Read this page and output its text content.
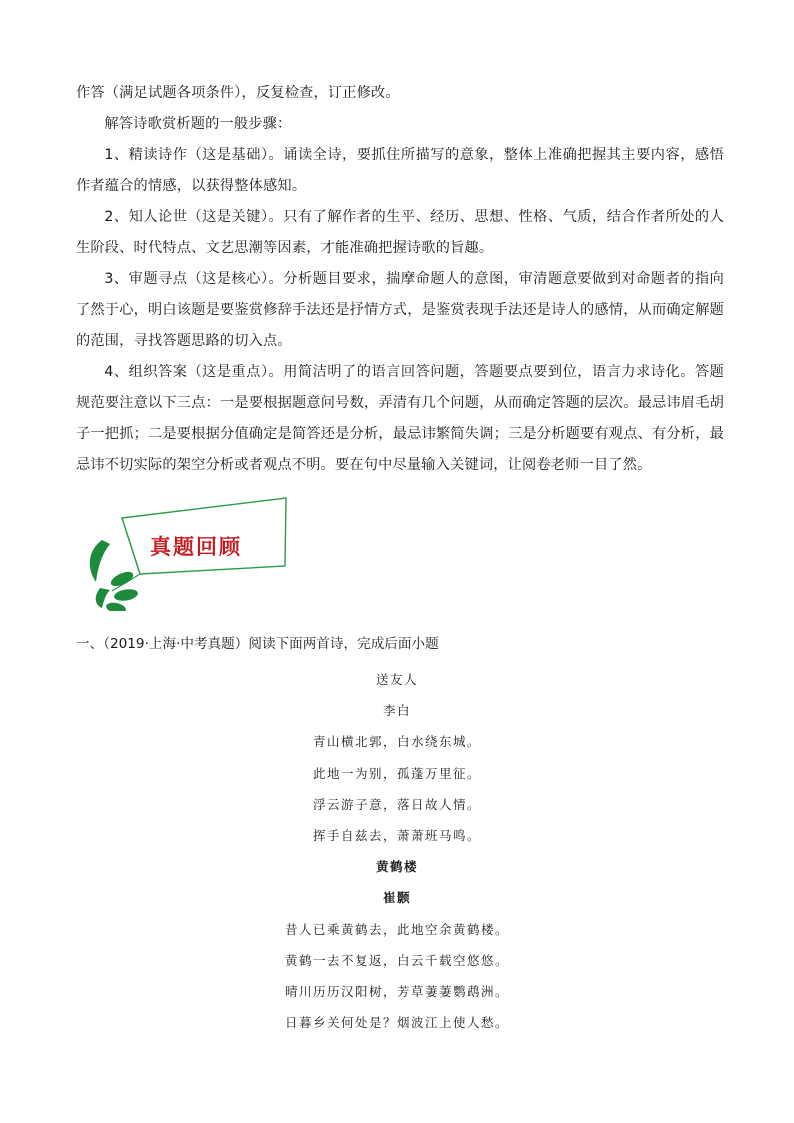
作答（满足试题各项条件），反复检查，订正修改。

解答诗歌赏析题的一般步骤：

1、精读诗作（这是基础）。诵读全诗，要抓住所描写的意象，整体上准确把握其主要内容，感悟作者蕴合的情感，以获得整体感知。

2、知人论世（这是关键）。只有了解作者的生平、经历、思想、性格、气质，结合作者所处的人生阶段、时代特点、文艺思潮等因素，才能准确把握诗歌的旨趣。

3、审题寻点（这是核心）。分析题目要求，揣摩命题人的意图，审清题意要做到对命题者的指向了然于心，明白该题是要鉴赏修辞手法还是抒情方式，是鉴赏表现手法还是诗人的感情，从而确定解题的范围，寻找答题思路的切入点。

4、组织答案（这是重点）。用简洁明了的语言回答问题，答题要点要到位，语言力求诗化。答题规范要注意以下三点：一是要根据题意问号数，弄清有几个问题，从而确定答题的层次。最忌讳眉毛胡子一把抓；二是要根据分值确定是简答还是分析，最忌讳繁简失调；三是分析题要有观点、有分析，最忌讳不切实际的架空分析或者观点不明。要在句中尽量输入关键词，让阅卷老师一目了然。

真题回顾

一、（2019·上海·中考真题）阅读下面两首诗，完成后面小题

送友人

李白

青山横北郭，白水绕东城。

此地一为别，孤蓬万里征。

浮云游子意，落日故人情。

挥手自兹去，萧萧班马鸣。

黄鹤楼

崔颢

昔人已乘黄鹤去，此地空余黄鹤楼。

黄鹤一去不复返，白云千载空悠悠。

晴川历历汉阳树，芳草萋萋鹦鹉洲。

日暮乡关何处是？烟波江上使人愁。
